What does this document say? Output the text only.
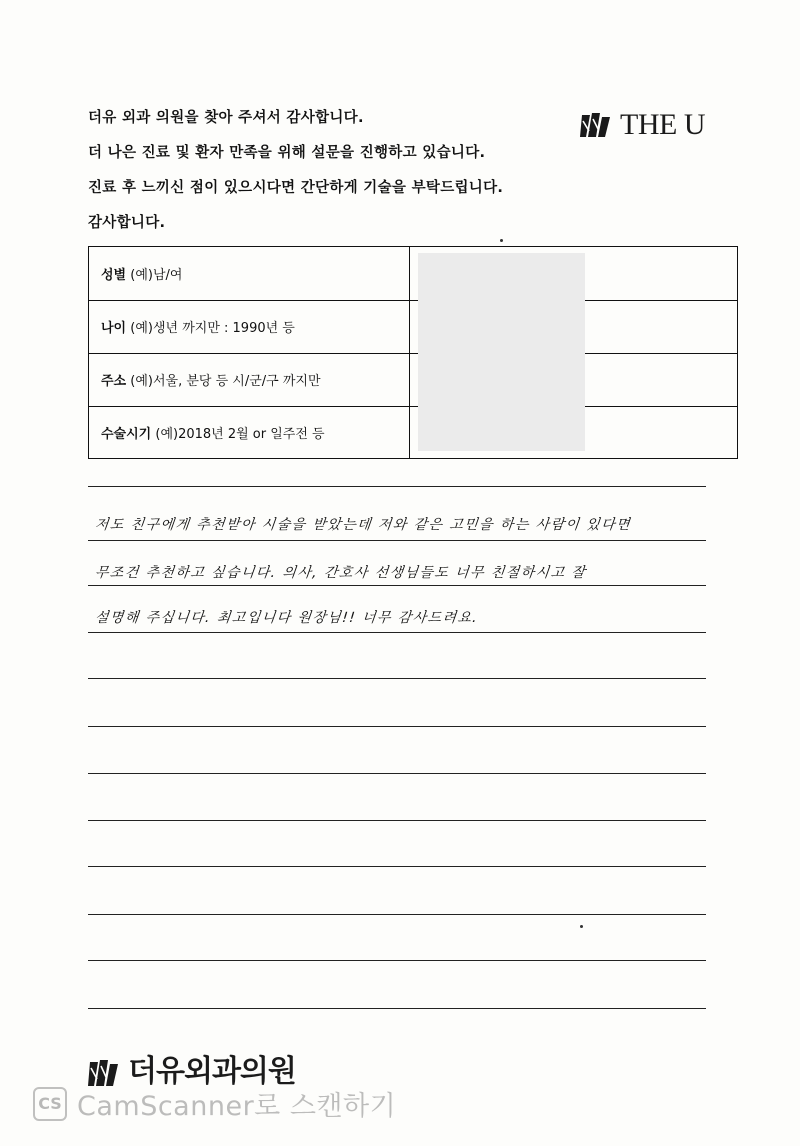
더유 외과 의원을 찾아 주셔서 감사합니다.
더 나은 진료 및 환자 만족을 위해 설문을 진행하고 있습니다.
진료 후 느끼신 점이 있으시다면 간단하게 기술을 부탁드립니다.
감사합니다.
THE U
성별 (예)남/여
나이 (예)생년 까지만 : 1990년 등
주소 (예)서울, 분당 등 시/군/구 까지만
수술시기 (예)2018년 2월 or 일주전 등
저도 친구에게 추천받아 시술을 받았는데 저와 같은 고민을 하는 사람이 있다면
무조건 추천하고 싶습니다. 의사, 간호사 선생님들도 너무 친절하시고 잘
설명해 주십니다. 최고입니다 원장님!! 너무 감사드려요.
더유외과의원
CS CamScanner로 스캔하기
